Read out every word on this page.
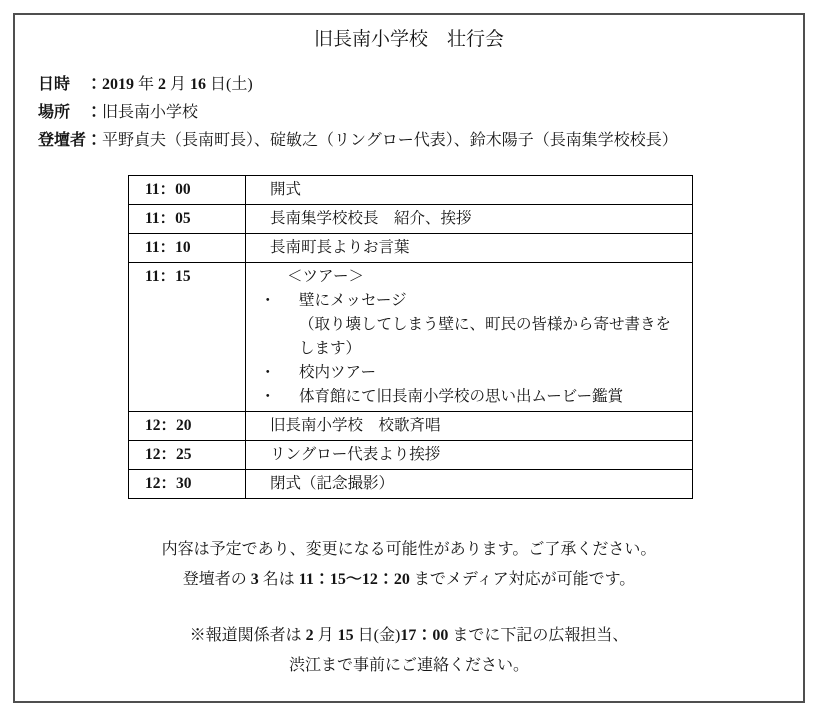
旧長南小学校　壮行会
日時　：2019 年 2 月 16 日(土)
場所　：旧長南小学校
登壇者：平野貞夫（長南町長）、碇敏之（リングロー代表）、鈴木陽子（長南集学校校長）
11：00	開式

11：05	長南集学校校長　紹介、挨拶

11：10	長南町長よりお言葉

11：15	＜ツアー＞
・	壁にメッセージ
（取り壊してしまう壁に、町民の皆様から寄せ書きを
します）
・	校内ツアー
・	体育館にて旧長南小学校の思い出ムービー鑑賞

12：20	旧長南小学校　校歌斉唱

12：25	リングロー代表より挨拶

12：30	閉式（記念撮影）
内容は予定であり、変更になる可能性があります。ご了承ください。
登壇者の 3 名は 11：15～12：20 までメディア対応が可能です。
※報道関係者は 2 月 15 日(金)17：00 までに下記の広報担当、
渋江まで事前にご連絡ください。
